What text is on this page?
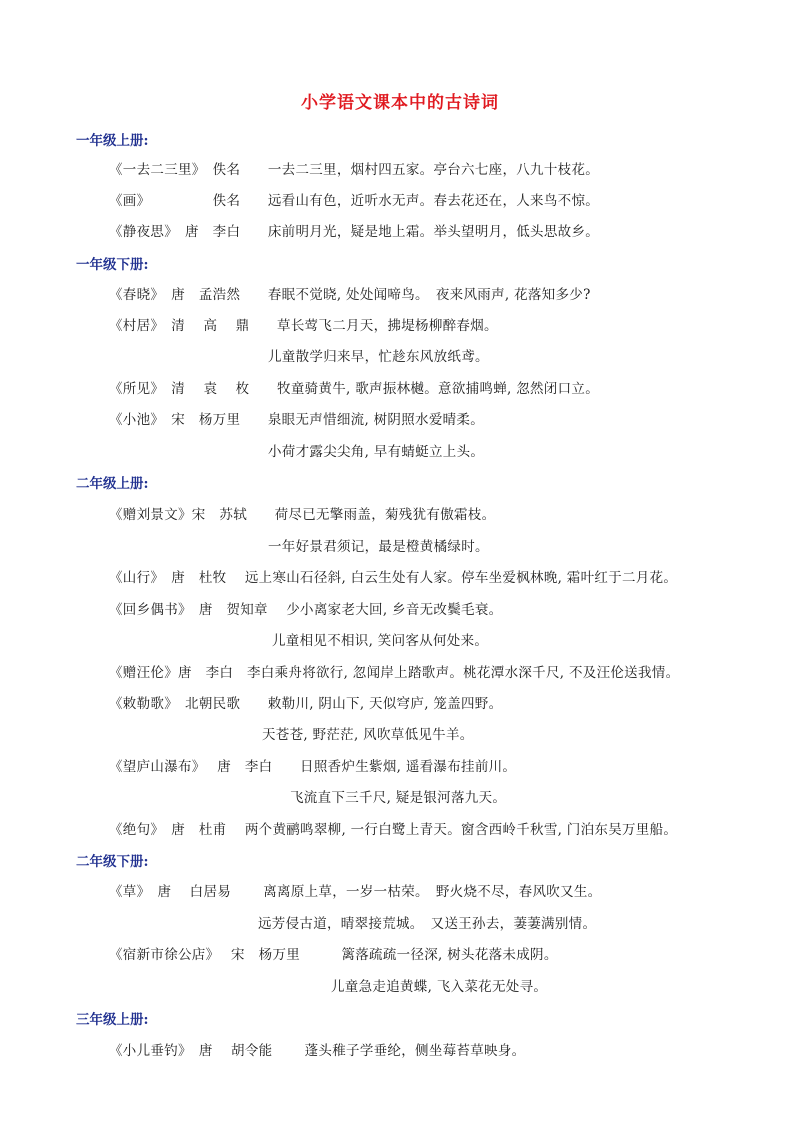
小学语文课本中的古诗词
一年级上册:
《一去二三里》　佚名　　一去二三里，烟村四五家。亭台六七座，八九十枝花。
《画》　　　　　佚名　　远看山有色，近听水无声。春去花还在，人来鸟不惊。
《静夜思》　唐　李白　　床前明月光，疑是地上霜。举头望明月，低头思故乡。
一年级下册:
《春晓》　唐　孟浩然　　春眠不觉晓, 处处闻啼鸟。　夜来风雨声, 花落知多少?
《村居》　清　 高　 鼎　　草长莺飞二月天，拂堤杨柳醉春烟。
儿童散学归来早，忙趁东风放纸鸢。
《所见》　清　 袁　 枚　　牧童骑黄牛, 歌声振林樾。意欲捕鸣蝉, 忽然闭口立。
《小池》　宋　杨万里　　泉眼无声惜细流, 树阴照水爱晴柔。
小荷才露尖尖角, 早有蜻蜓立上头。
二年级上册:
《赠刘景文》宋　苏轼　　荷尽已无擎雨盖，菊残犹有傲霜枝。
一年好景君须记，最是橙黄橘绿时。
《山行》　唐　杜牧　 远上寒山石径斜, 白云生处有人家。停车坐爱枫林晚, 霜叶红于二月花。
《回乡偶书》　唐　贺知章　 少小离家老大回, 乡音无改鬓毛衰。
儿童相见不相识, 笑问客从何处来。
《赠汪伦》唐　李白　李白乘舟将欲行, 忽闻岸上踏歌声。桃花潭水深千尺, 不及汪伦送我情。
《敕勒歌》　北朝民歌　　敕勒川, 阴山下, 天似穹庐, 笼盖四野。
天苍苍, 野茫茫, 风吹草低见牛羊。
《望庐山瀑布》　 唐　李白　　日照香炉生紫烟, 遥看瀑布挂前川。
飞流直下三千尺, 疑是银河落九天。
《绝句》　唐　杜甫　 两个黄鹂鸣翠柳, 一行白鹭上青天。窗含西岭千秋雪, 门泊东吴万里船。
二年级下册:
《草》　唐　 白居易　　 离离原上草，一岁一枯荣。　野火烧不尽，春风吹又生。
远芳侵古道，晴翠接荒城。　又送王孙去，萋萋满别情。
《宿新市徐公店》　 宋　杨万里　　　篱落疏疏一径深, 树头花落未成阴。
儿童急走追黄蝶, 飞入菜花无处寻。
三年级上册:
《小儿垂钓》　唐　 胡令能　　 蓬头稚子学垂纶，侧坐莓苔草映身。
